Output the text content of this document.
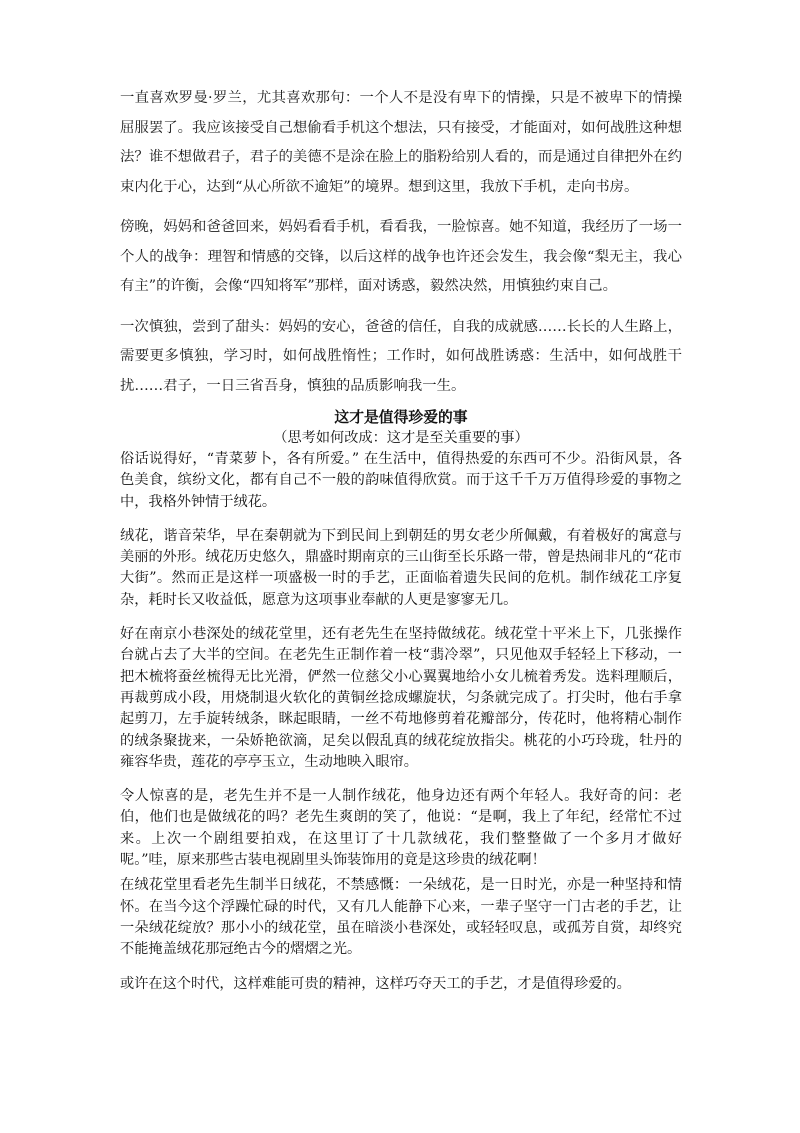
一直喜欢罗曼·罗兰，尤其喜欢那句：一个人不是没有卑下的情操，只是不被卑下的情操屈服罢了。我应该接受自己想偷看手机这个想法，只有接受，才能面对，如何战胜这种想法？谁不想做君子，君子的美德不是涂在脸上的脂粉给别人看的，而是通过自律把外在约束内化于心，达到“从心所欲不逾矩”的境界。想到这里，我放下手机，走向书房。

傍晚，妈妈和爸爸回来，妈妈看看手机，看看我，一脸惊喜。她不知道，我经历了一场一个人的战争：理智和情感的交锋，以后这样的战争也许还会发生，我会像“梨无主，我心有主”的许衡，会像“四知将军”那样，面对诱惑，毅然决然，用慎独约束自己。

一次慎独，尝到了甜头：妈妈的安心，爸爸的信任，自我的成就感……长长的人生路上，需要更多慎独，学习时，如何战胜惰性；工作时，如何战胜诱惑：生活中，如何战胜干扰……君子，一日三省吾身，慎独的品质影响我一生。

这才是值得珍爱的事

（思考如何改成：这才是至关重要的事）

俗话说得好，“青菜萝卜，各有所爱。” 在生活中，值得热爱的东西可不少。沿街风景，各色美食，缤纷文化，都有自己不一般的韵味值得欣赏。而于这千千万万值得珍爱的事物之中，我格外钟情于绒花。

绒花，谐音荣华，早在秦朝就为下到民间上到朝廷的男女老少所佩戴，有着极好的寓意与美丽的外形。绒花历史悠久，鼎盛时期南京的三山街至长乐路一带，曾是热闹非凡的“花市大街”。然而正是这样一项盛极一时的手艺，正面临着遗失民间的危机。制作绒花工序复杂，耗时长又收益低，愿意为这项事业奉献的人更是寥寥无几。

好在南京小巷深处的绒花堂里，还有老先生在坚持做绒花。绒花堂十平米上下，几张操作台就占去了大半的空间。在老先生正制作着一枝“翡冷翠”，只见他双手轻轻上下移动，一把木梳将蚕丝梳得无比光滑，俨然一位慈父小心翼翼地给小女儿梳着秀发。选料理顺后，再裁剪成小段，用烧制退火软化的黄铜丝捻成螺旋状，匀条就完成了。打尖时，他右手拿起剪刀，左手旋转绒条，眯起眼睛，一丝不苟地修剪着花瓣部分，传花时，他将精心制作的绒条聚拢来，一朵娇艳欲滴，足矣以假乱真的绒花绽放指尖。桃花的小巧玲珑，牡丹的雍容华贵，莲花的亭亭玉立，生动地映入眼帘。

令人惊喜的是，老先生并不是一人制作绒花，他身边还有两个年轻人。我好奇的问：老伯，他们也是做绒花的吗？老先生爽朗的笑了，他说：“是啊，我上了年纪，经常忙不过来。上次一个剧组要拍戏，在这里订了十几款绒花，我们整整做了一个多月才做好呢。”哇，原来那些古装电视剧里头饰装饰用的竟是这珍贵的绒花啊！

在绒花堂里看老先生制半日绒花，不禁感慨：一朵绒花，是一日时光，亦是一种坚持和情怀。在当今这个浮躁忙碌的时代，又有几人能静下心来，一辈子坚守一门古老的手艺，让一朵绒花绽放？那小小的绒花堂，虽在暗淡小巷深处，或轻轻叹息，或孤芳自赏，却终究不能掩盖绒花那冠绝古今的熠熠之光。

或许在这个时代，这样难能可贵的精神，这样巧夺天工的手艺，才是值得珍爱的。
